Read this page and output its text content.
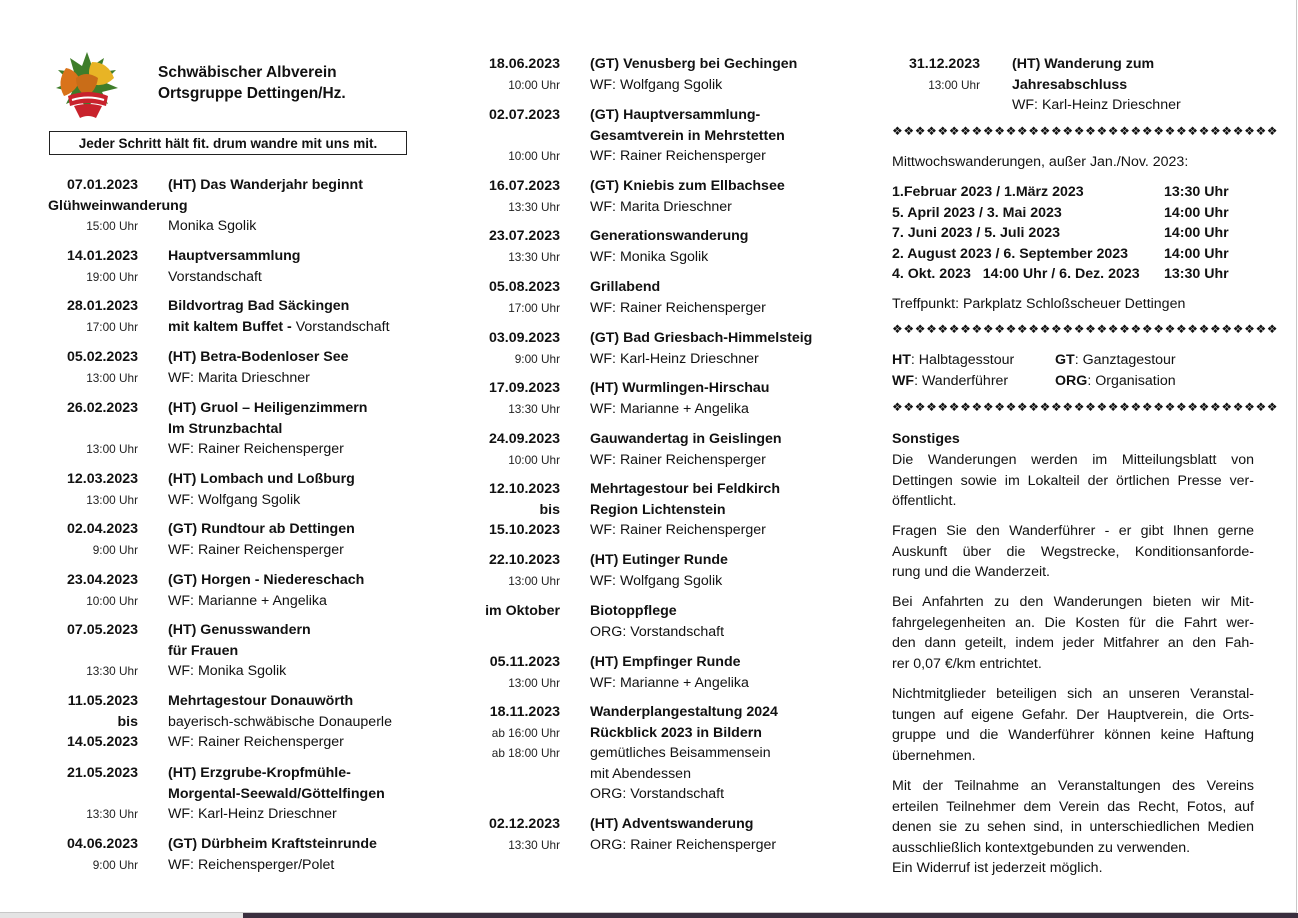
Schwäbischer Albverein
Ortsgruppe Dettingen/Hz.
Jeder Schritt hält fit. drum wandre mit uns mit.
07.01.2023 (HT) Das Wanderjahr beginnt
Glühweinwanderung
15:00 Uhr Monika Sgolik
14.01.2023 Hauptversammlung
19:00 Uhr Vorstandschaft
28.01.2023 Bildvortrag Bad Säckingen
17:00 Uhr mit kaltem Buffet - Vorstandschaft
05.02.2023 (HT) Betra-Bodenloser See
13:00 Uhr WF: Marita Drieschner
26.02.2023 (HT) Gruol – Heiligenzimmern
Im Strunzbachtal
13:00 Uhr WF: Rainer Reichensperger
12.03.2023 (HT) Lombach und Loßburg
13:00 Uhr WF: Wolfgang Sgolik
02.04.2023 (GT) Rundtour ab Dettingen
9:00 Uhr WF: Rainer Reichensperger
23.04.2023 (GT) Horgen - Niedereschach
10:00 Uhr WF: Marianne + Angelika
07.05.2023 (HT) Genusswandern
für Frauen
13:30 Uhr WF: Monika Sgolik
11.05.2023 Mehrtagestour Donauwörth
bis bayerisch-schwäbische Donauperle
14.05.2023 WF: Rainer Reichensperger
21.05.2023 (HT) Erzgrube-Kropfmühle-
Morgental-Seewald/Göttelfingen
13:30 Uhr WF: Karl-Heinz Drieschner
04.06.2023 (GT) Dürbheim Kraftsteinrunde
9:00 Uhr WF: Reichensperger/Polet
18.06.2023 (GT) Venusberg bei Gechingen
10:00 Uhr WF: Wolfgang Sgolik
02.07.2023 (GT) Hauptversammlung-
Gesamtverein in Mehrstetten
10:00 Uhr WF: Rainer Reichensperger
16.07.2023 (GT) Kniebis zum Ellbachsee
13:30 Uhr WF: Marita Drieschner
23.07.2023 Generationswanderung
13:30 Uhr WF: Monika Sgolik
05.08.2023 Grillabend
17:00 Uhr WF: Rainer Reichensperger
03.09.2023 (GT) Bad Griesbach-Himmelsteig
9:00 Uhr WF: Karl-Heinz Drieschner
17.09.2023 (HT) Wurmlingen-Hirschau
13:30 Uhr WF: Marianne + Angelika
24.09.2023 Gauwandertag in Geislingen
10:00 Uhr WF: Rainer Reichensperger
12.10.2023 Mehrtagestour bei Feldkirch
bis Region Lichtenstein
15.10.2023 WF: Rainer Reichensperger
22.10.2023 (HT) Eutinger Runde
13:00 Uhr WF: Wolfgang Sgolik
im Oktober Biotoppflege
ORG: Vorstandschaft
05.11.2023 (HT) Empfinger Runde
13:00 Uhr WF: Marianne + Angelika
18.11.2023 Wanderplangestaltung 2024
ab 16:00 Uhr Rückblick 2023 in Bildern
ab 18:00 Uhr gemütliches Beisammensein
mit Abendessen
ORG: Vorstandschaft
02.12.2023 (HT) Adventswanderung
13:30 Uhr ORG: Rainer Reichensperger
31.12.2023 (HT) Wanderung zum
13:00 Uhr Jahresabschluss
WF: Karl-Heinz Drieschner
❖❖❖❖❖❖❖❖❖❖❖❖❖❖❖❖❖❖❖❖❖❖❖❖❖❖❖❖❖❖❖❖❖❖
Mittwochswanderungen, außer Jan./Nov. 2023:
1.Februar 2023 / 1.März 2023	13:30 Uhr
5. April 2023 / 3. Mai 2023	14:00 Uhr
7. Juni 2023 / 5. Juli 2023	14:00 Uhr
2. August 2023 / 6. September 2023	14:00 Uhr
4. Okt. 2023   14:00 Uhr / 6. Dez. 2023 13:30 Uhr
Treffpunkt: Parkplatz Schloßscheuer Dettingen
❖❖❖❖❖❖❖❖❖❖❖❖❖❖❖❖❖❖❖❖❖❖❖❖❖❖❖❖❖❖❖❖❖❖
HT: Halbtagesstour	GT: Ganztagestour
WF: Wanderführer	ORG: Organisation
❖❖❖❖❖❖❖❖❖❖❖❖❖❖❖❖❖❖❖❖❖❖❖❖❖❖❖❖❖❖❖❖❖❖
Sonstiges
Die Wanderungen werden im Mitteilungsblatt von
Dettingen sowie im Lokalteil der örtlichen Presse ver-
öffentlicht.
Fragen Sie den Wanderführer - er gibt Ihnen gerne
Auskunft über die Wegstrecke, Konditionsanforde-
rung und die Wanderzeit.
Bei Anfahrten zu den Wanderungen bieten wir Mit-
fahrgelegenheiten an. Die Kosten für die Fahrt wer-
den dann geteilt, indem jeder Mitfahrer an den Fah-
rer 0,07 €/km entrichtet.
Nichtmitglieder beteiligen sich an unseren Veranstal-
tungen auf eigene Gefahr. Der Hauptverein, die Orts-
gruppe und die Wanderführer können keine Haftung
übernehmen.
Mit der Teilnahme an Veranstaltungen des Vereins
erteilen Teilnehmer dem Verein das Recht, Fotos, auf
denen sie zu sehen sind, in unterschiedlichen Medien
ausschließlich kontextgebunden zu verwenden.
Ein Widerruf ist jederzeit möglich.
